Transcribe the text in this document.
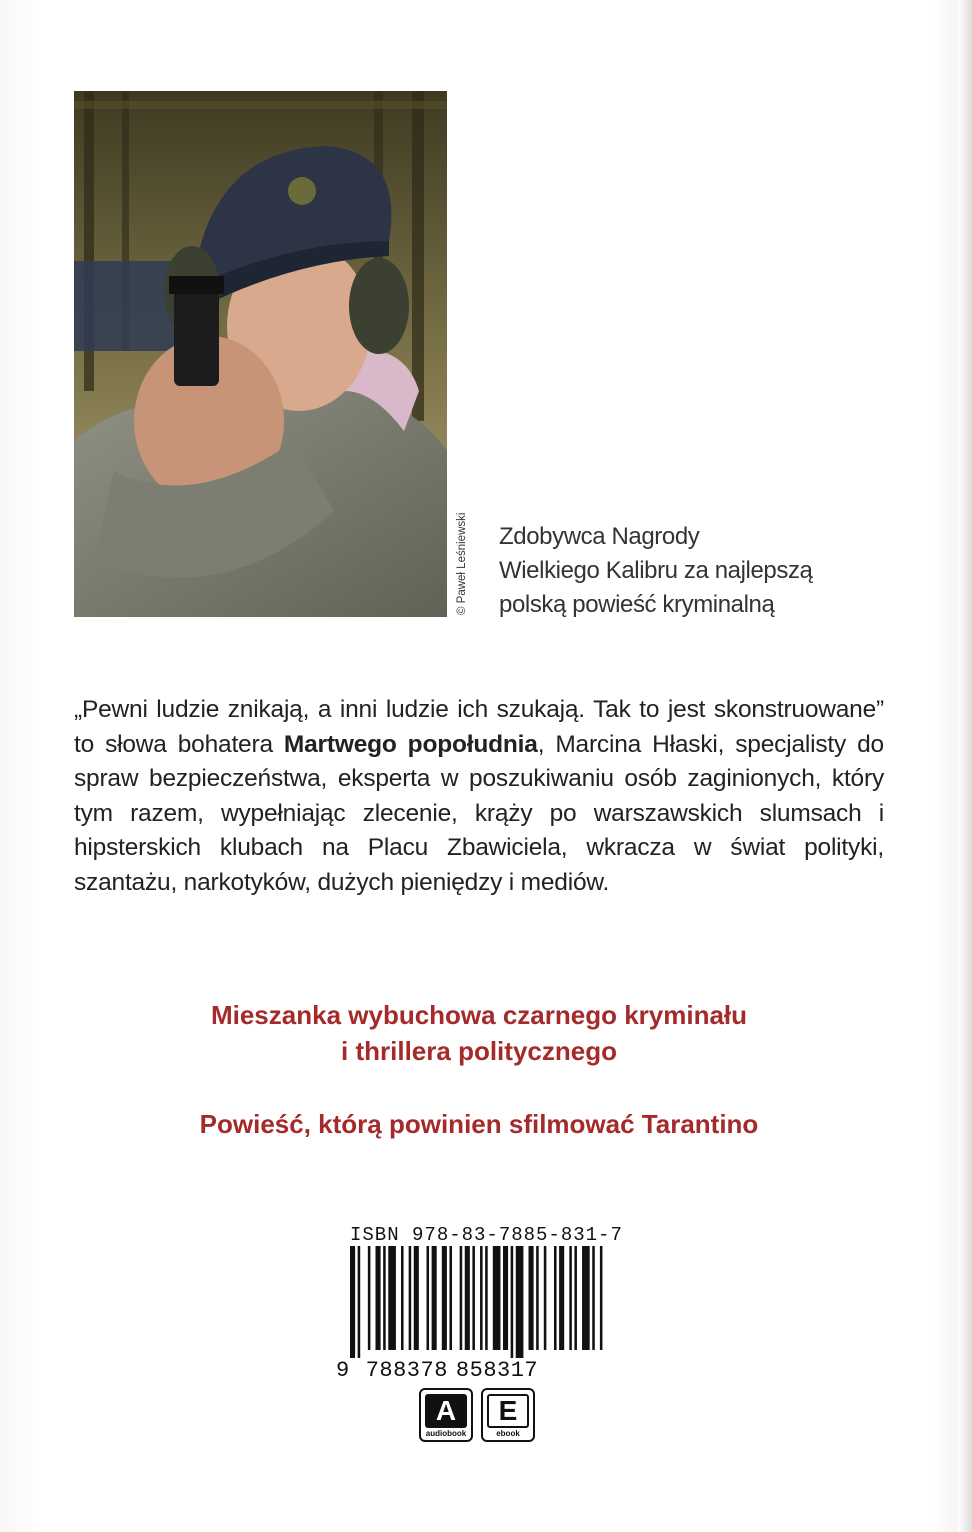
© Paweł Leśniewski Zdobywca Nagrody
Wielkiego Kalibru za najlepszą
polską powieść kryminalną
„Pewni ludzie znikają, a inni ludzie ich szukają. Tak to jest skonstruowane” to słowa bohatera Martwego popołudnia, Marcina Hłaski, specjalisty do spraw bezpieczeństwa, eksperta w poszukiwaniu osób zaginionych, który tym razem, wypełniając zlecenie, krąży po warszawskich slumsach i hipsterskich klubach na Placu Zbawiciela, wkracza w świat polityki, szantażu, narkotyków, dużych pieniędzy i mediów.
Mieszanka wybuchowa czarnego kryminału
i thrillera politycznego
Powieść, którą powinien sfilmować Tarantino
ISBN 978-83-7885-831-7
9 788378 858317
A
audiobook
E
ebook
